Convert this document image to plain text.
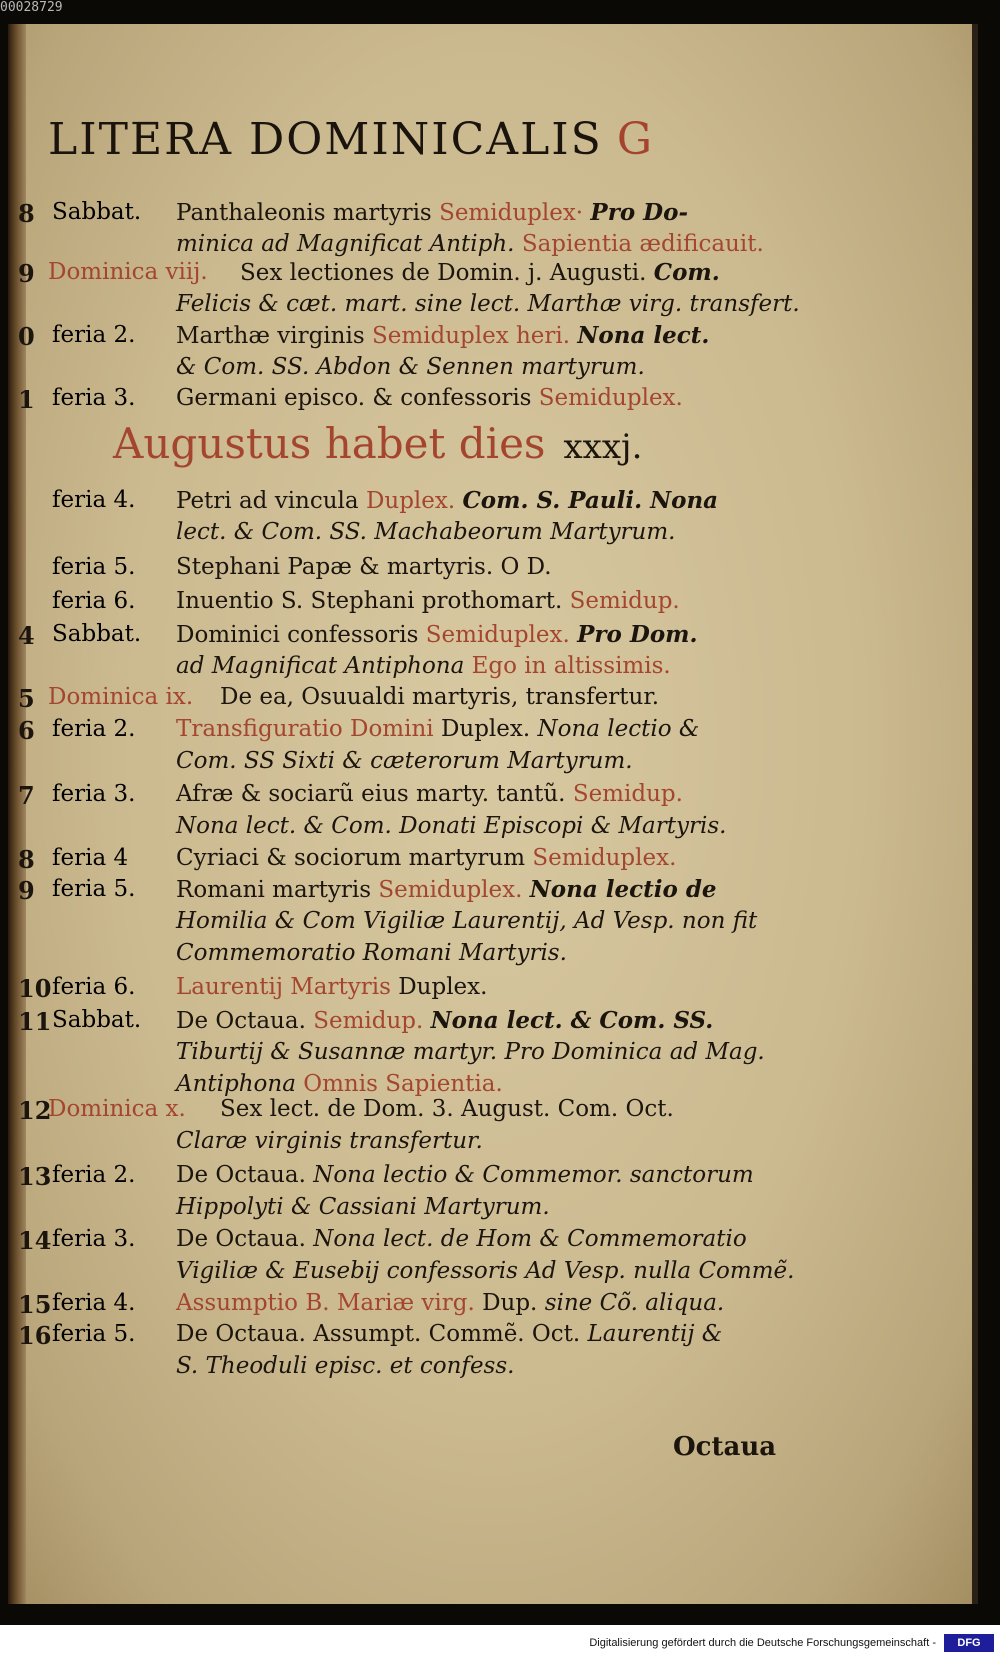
LITERA DOMINICALIS G
Augustus habet dies xxxj.
8 Sabbat. Panthaleonis martyris Semiduplex· Pro Do-
minica ad Magnificat Antiph. Sapientia ædificauit.
9 Dominica viij. Sex lectiones de Domin. j. Augusti. Com.
Felicis & cæt. mart. sine lect. Marthæ virg. transfert.
0 feria 2. Marthæ virginis Semiduplex heri. Nona lect.
& Com. SS. Abdon & Sennen martyrum.
1 feria 3. Germani episco. & confessoris Semiduplex.
feria 4. Petri ad vincula Duplex. Com. S. Pauli. Nona
lect. & Com. SS. Machabeorum Martyrum.
feria 5. Stephani Papæ & martyris. O D.
feria 6. Inuentio S. Stephani prothomart. Semidup.
4 Sabbat. Dominici confessoris Semiduplex. Pro Dom.
ad Magnificat Antiphona Ego in altissimis.
5 Dominica ix. De ea, Osuualdi martyris, transfertur.
6 feria 2. Transfiguratio Domini Duplex. Nona lectio &
Com. SS Sixti & cæterorum Martyrum.
7 feria 3. Afræ & sociarũ eius marty. tantũ. Semidup.
Nona lect. & Com. Donati Episcopi & Martyris.
8 feria 4 Cyriaci & sociorum martyrum Semiduplex.
9 feria 5. Romani martyris Semiduplex. Nona lectio de
Homilia & Com Vigiliæ Laurentij, Ad Vesp. non fit
Commemoratio Romani Martyris.
10 feria 6. Laurentij Martyris Duplex.
11 Sabbat. De Octaua. Semidup. Nona lect. & Com. SS.
Tiburtij & Susannæ martyr. Pro Dominica ad Mag.
Antiphona Omnis Sapientia.
12
Dominica x. Sex lect. de Dom. 3. August. Com. Oct.
Claræ virginis transfertur.
13 feria 2. De Octaua. Nona lectio & Commemor. sanctorum
Hippolyti & Cassiani Martyrum.
14 feria 3. De Octaua. Nona lect. de Hom & Commemoratio
Vigiliæ & Eusebij confessoris Ad Vesp. nulla Commẽ.
15 feria 4. Assumptio B. Mariæ virg. Dup. sine Cõ. aliqua.
16 feria 5. De Octaua. Assumpt. Commẽ. Oct. Laurentij &
S. Theoduli episc. et confess.
Octaua
00028729
Digitalisierung gefördert durch die Deutsche Forschungsgemeinschaft -	DFG
